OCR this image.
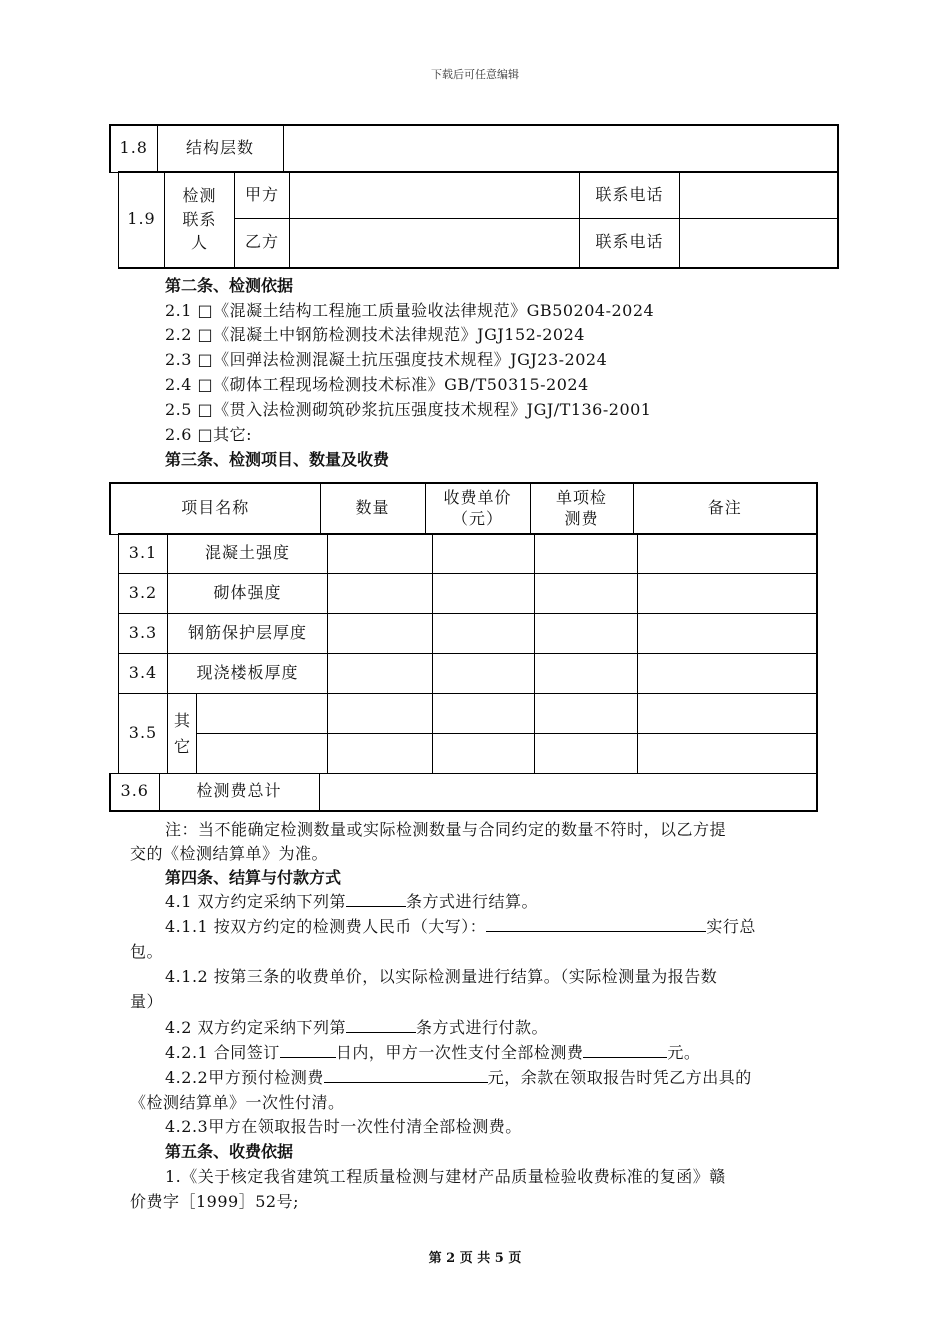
下载后可任意编辑
1.8	结构层数	
1.9	检测联系人	甲方		联系电话	
		乙方		联系电话	
第二条、检测依据
2.1 □《混凝土结构工程施工质量验收法律规范》GB50204-2024
2.2 □《混凝土中钢筋检测技术法律规范》JGJ152-2024
2.3 □《回弹法检测混凝土抗压强度技术规程》JGJ23-2024
2.4 □《砌体工程现场检测技术标准》GB/T50315-2024
2.5 □《贯入法检测砌筑砂浆抗压强度技术规程》JGJ/T136-2001
2.6 □其它:
第三条、检测项目、数量及收费
项目名称	数量	收费单价（元）	单项检测费	备注
3.1	混凝土强度					
3.2	砌体强度					
3.3	钢筋保护层厚度					
3.4	现浇楼板厚度					
3.5	其它					

3.6	检测费总计	
注：当不能确定检测数量或实际检测数量与合同约定的数量不符时，以乙方提
交的《检测结算单》为准。
第四条、结算与付款方式
4.1 双方约定采纳下列第	条方式进行结算。
4.1.1 按双方约定的检测费人民币（大写）：	实行总
包。
4.1.2 按第三条的收费单价，以实际检测量进行结算。（实际检测量为报告数
量）
4.2 双方约定采纳下列第	条方式进行付款。
4.2.1 合同签订	日内，甲方一次性支付全部检测费	元。
4.2.2甲方预付检测费	元，余款在领取报告时凭乙方出具的
《检测结算单》一次性付清。
4.2.3甲方在领取报告时一次性付清全部检测费。
第五条、收费依据
1.《关于核定我省建筑工程质量检测与建材产品质量检验收费标准的复函》赣
价费字［1999］52号;
第 2 页 共 5 页
